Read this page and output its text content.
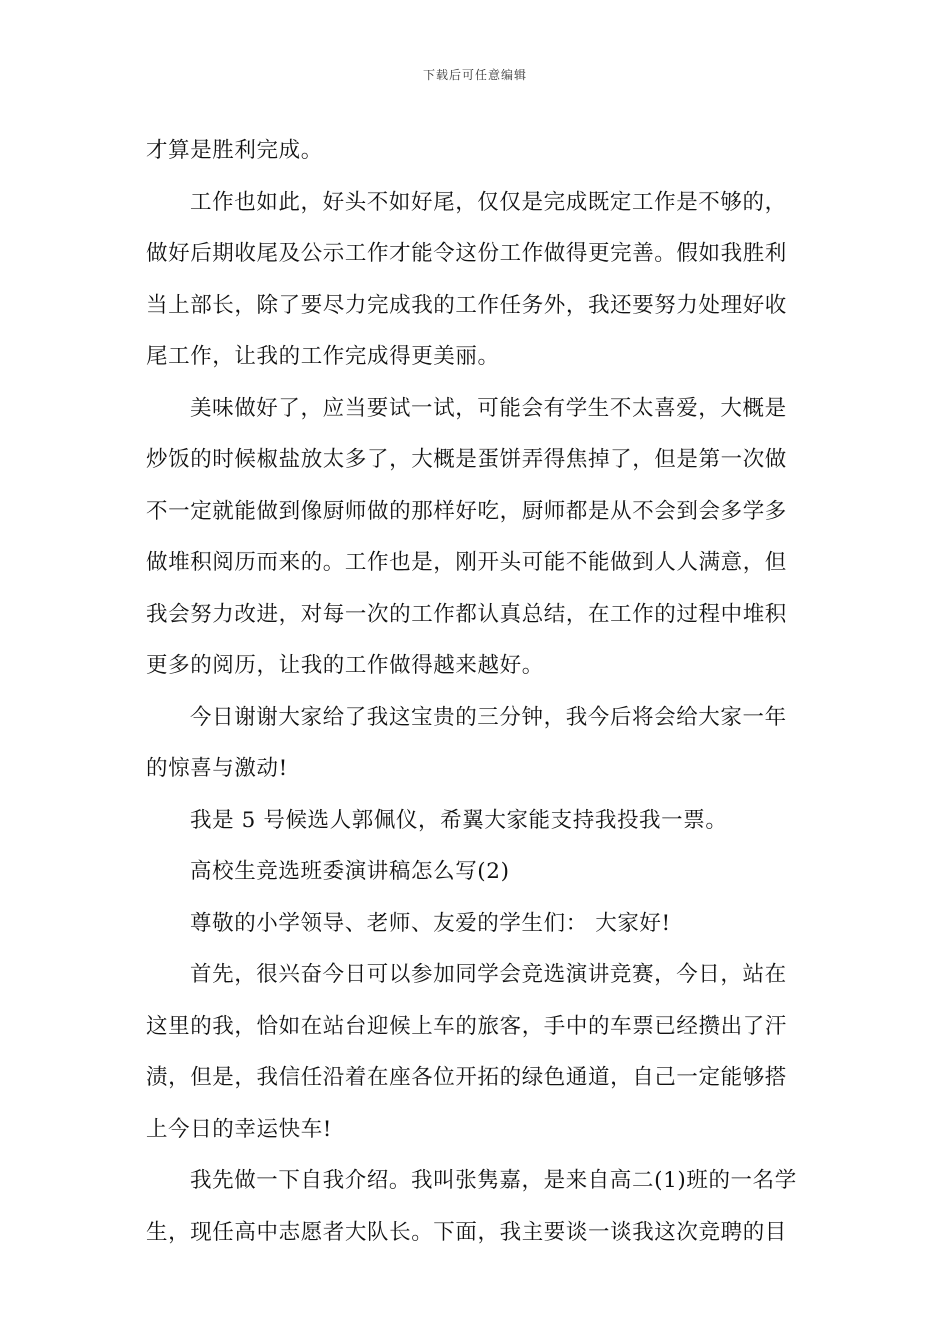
下载后可任意编辑
才算是胜利完成。
工作也如此，好头不如好尾，仅仅是完成既定工作是不够的，
做好后期收尾及公示工作才能令这份工作做得更完善。假如我胜利
当上部长，除了要尽力完成我的工作任务外，我还要努力处理好收
尾工作，让我的工作完成得更美丽。
美味做好了，应当要试一试，可能会有学生不太喜爱，大概是
炒饭的时候椒盐放太多了，大概是蛋饼弄得焦掉了，但是第一次做
不一定就能做到像厨师做的那样好吃，厨师都是从不会到会多学多
做堆积阅历而来的。工作也是，刚开头可能不能做到人人满意，但
我会努力改进，对每一次的工作都认真总结，在工作的过程中堆积
更多的阅历，让我的工作做得越来越好。
今日谢谢大家给了我这宝贵的三分钟，我今后将会给大家一年
的惊喜与激动!
我是 5 号候选人郭佩仪，希翼大家能支持我投我一票。
高校生竞选班委演讲稿怎么写(2)
尊敬的小学领导、老师、友爱的学生们： 大家好!
首先，很兴奋今日可以参加同学会竞选演讲竞赛，今日，站在
这里的我，恰如在站台迎候上车的旅客，手中的车票已经攒出了汗
渍，但是，我信任沿着在座各位开拓的绿色通道，自己一定能够搭
上今日的幸运快车!
我先做一下自我介绍。我叫张隽嘉，是来自高二(1)班的一名学
生，现任高中志愿者大队长。下面，我主要谈一谈我这次竞聘的目
